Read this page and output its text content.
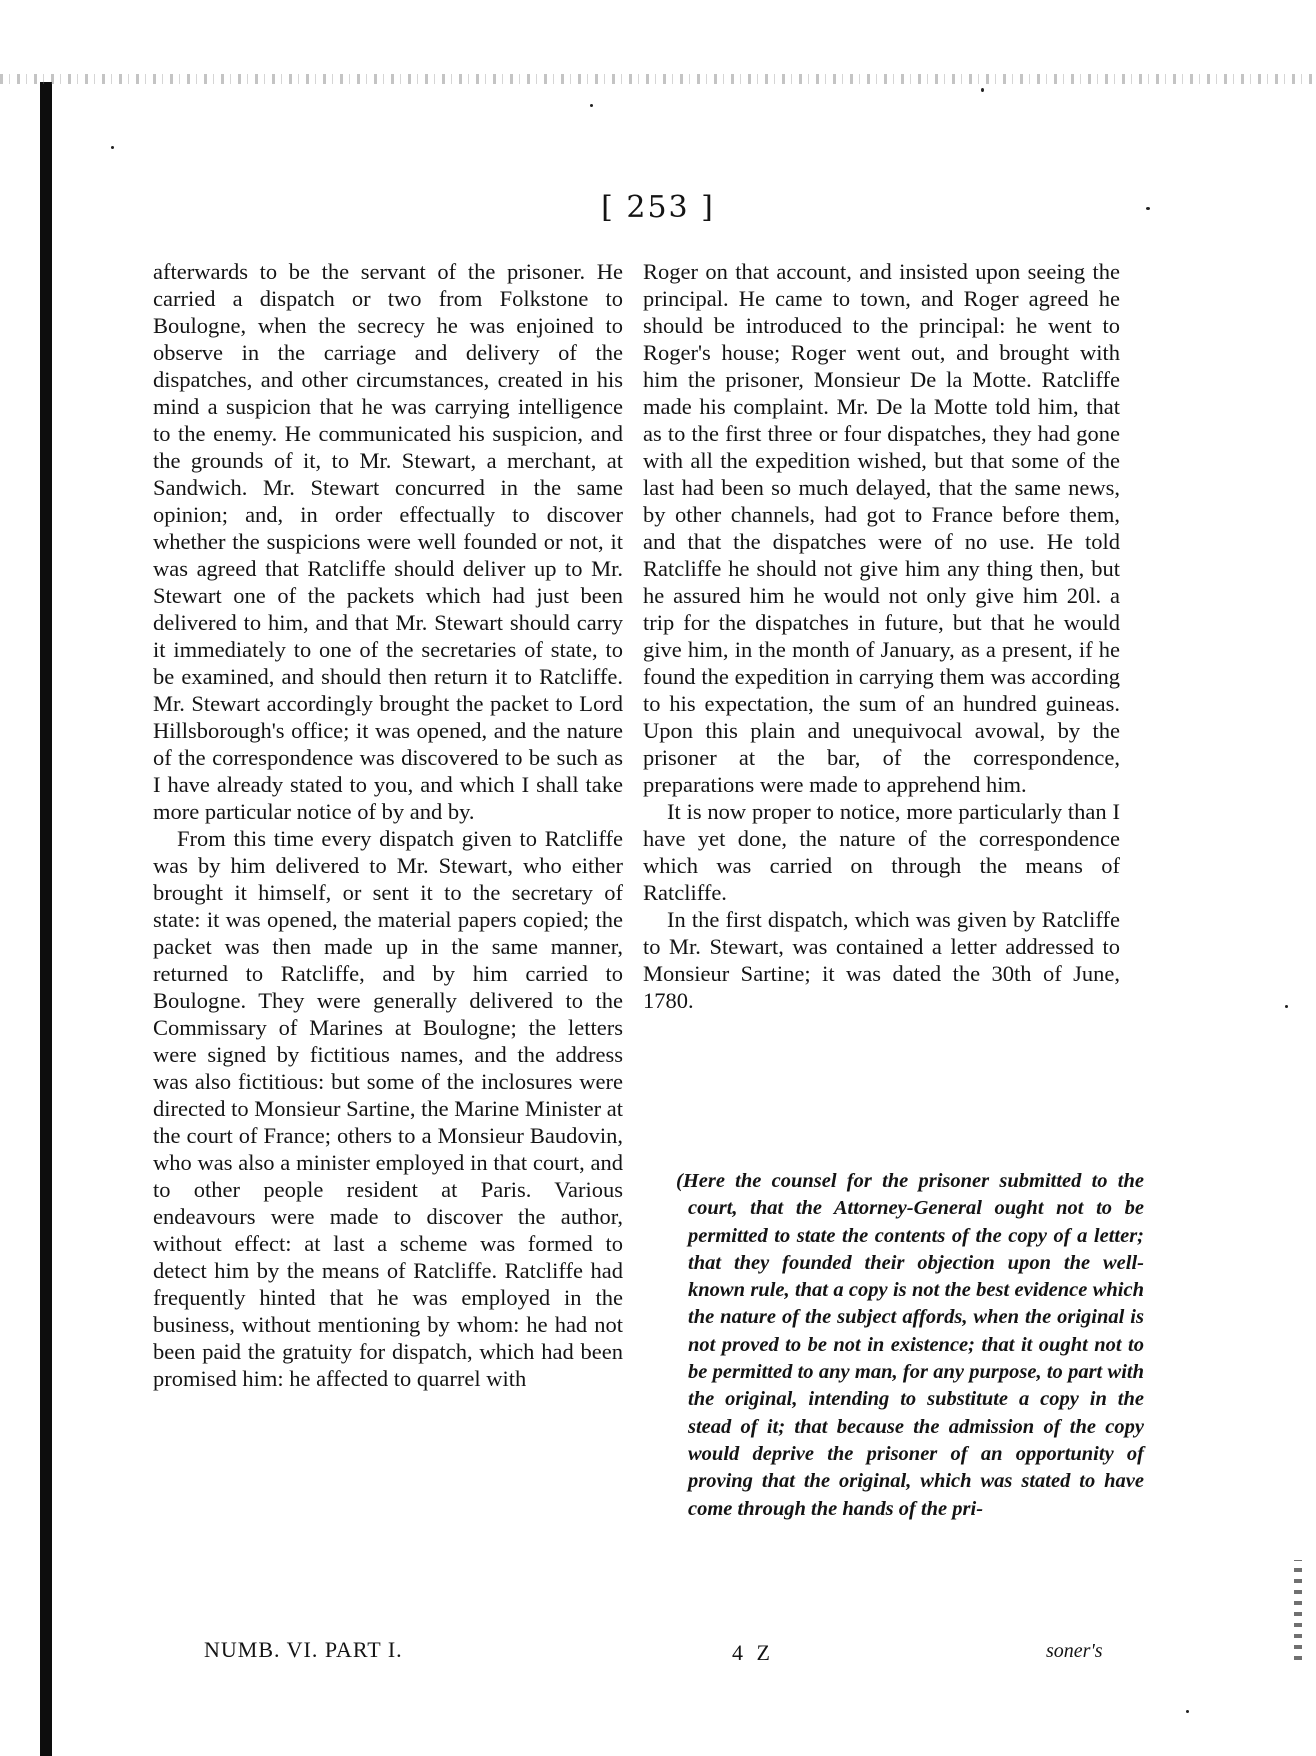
[ 253 ]

afterwards to be the servant of the prisoner. He carried a dispatch or two from Folkstone to Boulogne, when the secrecy he was enjoined to observe in the carriage and delivery of the dispatches, and other circumstances, created in his mind a suspicion that he was carrying intelligence to the enemy. He communicated his suspicion, and the grounds of it, to Mr. Stewart, a merchant, at Sandwich. Mr. Stewart concurred in the same opinion; and, in order effectually to discover whether the suspicions were well founded or not, it was agreed that Ratcliffe should deliver up to Mr. Stewart one of the packets which had just been delivered to him, and that Mr. Stewart should carry it immediately to one of the secretaries of state, to be examined, and should then return it to Ratcliffe. Mr. Stewart accordingly brought the packet to Lord Hillsborough's office; it was opened, and the nature of the correspondence was discovered to be such as I have already stated to you, and which I shall take more particular notice of by and by.

From this time every dispatch given to Ratcliffe was by him delivered to Mr. Stewart, who either brought it himself, or sent it to the secretary of state: it was opened, the material papers copied; the packet was then made up in the same manner, returned to Ratcliffe, and by him carried to Boulogne. They were generally delivered to the Commissary of Marines at Boulogne; the letters were signed by fictitious names, and the address was also fictitious: but some of the inclosures were directed to Monsieur Sartine, the Marine Minister at the court of France; others to a Monsieur Baudovin, who was also a minister employed in that court, and to other people resident at Paris. Various endeavours were made to discover the author, without effect: at last a scheme was formed to detect him by the means of Ratcliffe. Ratcliffe had frequently hinted that he was employed in the business, without mentioning by whom: he had not been paid the gratuity for dispatch, which had been promised him: he affected to quarrel with

Roger on that account, and insisted upon seeing the principal. He came to town, and Roger agreed he should be introduced to the principal: he went to Roger's house; Roger went out, and brought with him the prisoner, Monsieur De la Motte. Ratcliffe made his complaint. Mr. De la Motte told him, that as to the first three or four dispatches, they had gone with all the expedition wished, but that some of the last had been so much delayed, that the same news, by other channels, had got to France before them, and that the dispatches were of no use. He told Ratcliffe he should not give him any thing then, but he assured him he would not only give him 20l. a trip for the dispatches in future, but that he would give him, in the month of January, as a present, if he found the expedition in carrying them was according to his expectation, the sum of an hundred guineas. Upon this plain and unequivocal avowal, by the prisoner at the bar, of the correspondence, preparations were made to apprehend him.

It is now proper to notice, more particularly than I have yet done, the nature of the correspondence which was carried on through the means of Ratcliffe.

In the first dispatch, which was given by Ratcliffe to Mr. Stewart, was contained a letter addressed to Monsieur Sartine; it was dated the 30th of June, 1780.

(Here the counsel for the prisoner submitted to the court, that the Attorney-General ought not to be permitted to state the contents of the copy of a letter; that they founded their objection upon the well-known rule, that a copy is not the best evidence which the nature of the subject affords, when the original is not proved to be not in existence; that it ought not to be permitted to any man, for any purpose, to part with the original, intending to substitute a copy in the stead of it; that because the admission of the copy would deprive the prisoner of an opportunity of proving that the original, which was stated to have come through the hands of the pri-
NUMB. VI. PART I.	4 Z	soner's
